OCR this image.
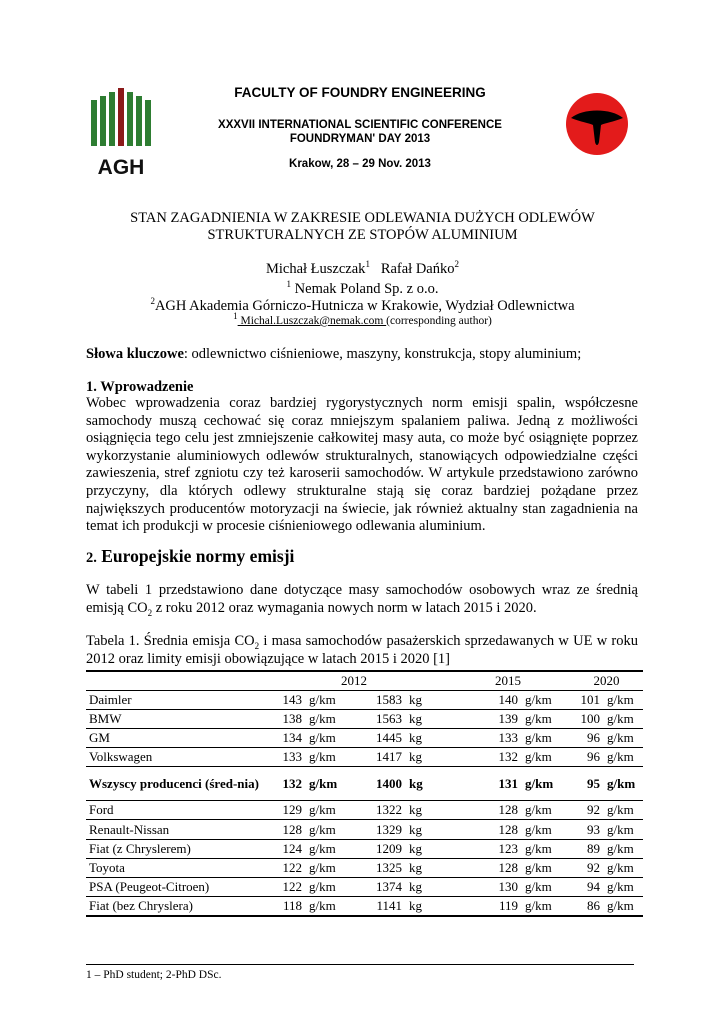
AGH
FACULTY OF FOUNDRY ENGINEERING
XXXVII INTERNATIONAL SCIENTIFIC CONFERENCE
FOUNDRYMAN' DAY 2013
Krakow, 28 – 29 Nov. 2013
STAN ZAGADNIENIA W ZAKRESIE ODLEWANIA DUŻYCH ODLEWÓW
STRUKTURALNYCH ZE STOPÓW ALUMINIUM
Michał Łuszczak$^1$ Rafał Dańko$^2$
$^1$ Nemak Poland Sp. z o.o.
$^2$AGH Akademia Górniczo-Hutnicza w Krakowie, Wydział Odlewnictwa
$^1$ Michal.Luszczak@nemak.com (corresponding author)
Słowa kluczowe: odlewnictwo ciśnieniowe, maszyny, konstrukcja, stopy aluminium;
1. Wprowadzenie
Wobec wprowadzenia coraz bardziej rygorystycznych norm emisji spalin, współczesne samochody muszą cechować się coraz mniejszym spalaniem paliwa. Jedną z możliwości osiągnięcia tego celu jest zmniejszenie całkowitej masy auta, co może być osiągnięte poprzez wykorzystanie aluminiowych odlewów strukturalnych, stanowiących odpowiedzialne części zawieszenia, stref zgniotu czy też karoserii samochodów. W artykule przedstawiono zarówno przyczyny, dla których odlewy strukturalne stają się coraz bardziej pożądane przez największych producentów motoryzacji na świecie, jak również aktualny stan zagadnienia na temat ich produkcji w procesie ciśnieniowego odlewania aluminium.
2. Europejskie normy emisji
W tabeli 1 przedstawiono dane dotyczące masy samochodów osobowych wraz ze średnią emisją $CO_2$ z roku 2012 oraz wymagania nowych norm w latach 2015 i 2020.
Tabela 1. Średnia emisja $CO_2$ i masa samochodów pasażerskich sprzedawanych w UE w roku 2012 oraz limity emisji obowiązujące w latach 2015 i 2020 [1]
	2012				2015		2020	
Daimler	143	g/km	1583	kg	140	g/km	101	g/km
BMW	138	g/km	1563	kg	139	g/km	100	g/km
GM	134	g/km	1445	kg	133	g/km	96	g/km
Volkswagen	133	g/km	1417	kg	132	g/km	96	g/km
Wszyscy producenci (śred-nia)	132	g/km	1400	kg	131	g/km	95	g/km
Ford	129	g/km	1322	kg	128	g/km	92	g/km
Renault-Nissan	128	g/km	1329	kg	128	g/km	93	g/km
Fiat (z Chryslerem)	124	g/km	1209	kg	123	g/km	89	g/km
Toyota	122	g/km	1325	kg	128	g/km	92	g/km
PSA (Peugeot-Citroen)	122	g/km	1374	kg	130	g/km	94	g/km
Fiat (bez Chryslera)	118	g/km	1141	kg	119	g/km	86	g/km
1 – PhD student; 2-PhD DSc.
